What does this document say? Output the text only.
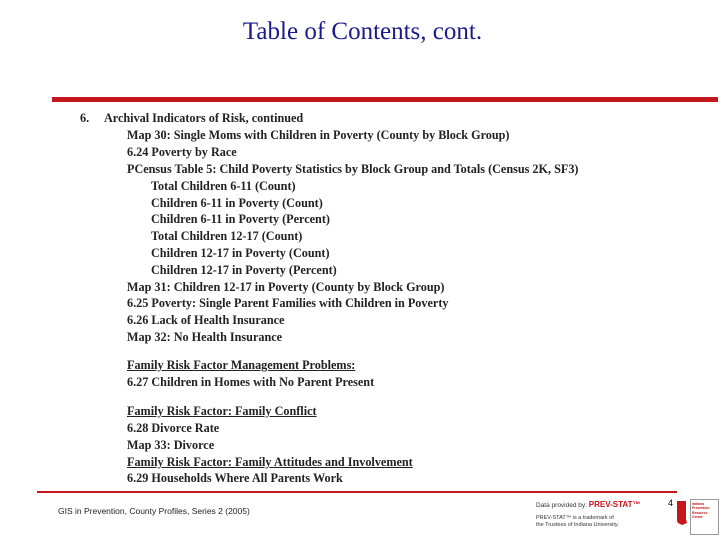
Table of Contents, cont.
6. Archival Indicators of Risk, continued
Map 30: Single Moms with Children in Poverty (County by Block Group)
6.24 Poverty by Race
PCensus Table 5: Child Poverty Statistics by Block Group and Totals (Census 2K, SF3)
Total Children 6-11 (Count)
Children 6-11 in Poverty (Count)
Children 6-11 in Poverty (Percent)
Total Children 12-17 (Count)
Children 12-17 in Poverty (Count)
Children 12-17 in Poverty (Percent)
Map 31: Children 12-17 in Poverty (County by Block Group)
6.25 Poverty: Single Parent Families with Children in Poverty
6.26 Lack of Health Insurance
Map 32: No Health Insurance
Family Risk Factor Management Problems:
6.27 Children in Homes with No Parent Present
Family Risk Factor: Family Conflict
6.28 Divorce Rate
Map 33: Divorce
Family Risk Factor: Family Attitudes and Involvement
6.29 Households Where All Parents Work
GIS in Prevention, County Profiles, Series 2 (2005)
Data provided by: PREV-STAT™
PREV-STAT™ is a trademark of
the Trustees of Indiana University.
4	Indiana Prevention Resource Center
